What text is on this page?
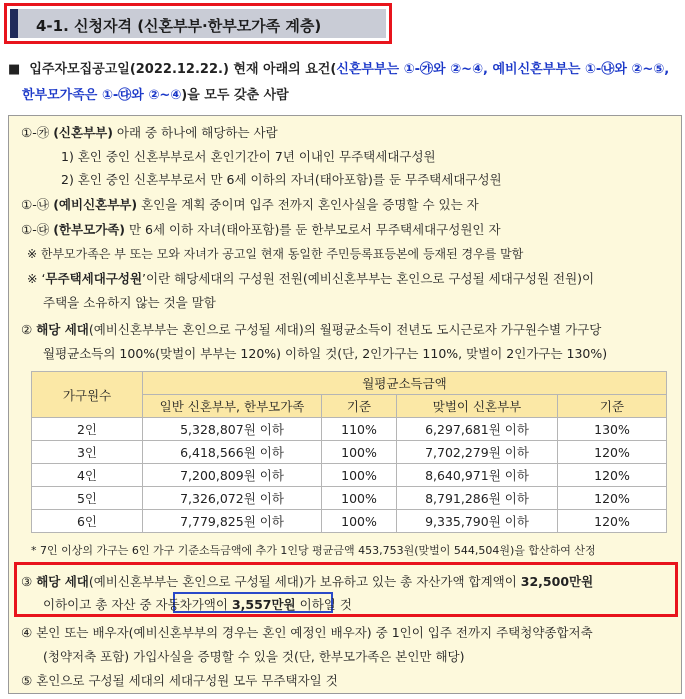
4-1. 신청자격 (신혼부부·한부모가족 계층)
■ 입주자모집공고일(2022.12.22.) 현재 아래의 요건(신혼부부는 ①-㉮와 ②~④, 예비신혼부부는 ①-㉯와 ②~⑤,
한부모가족은 ①-㉰와 ②~④)을 모두 갖춘 사람
①-㉮ (신혼부부) 아래 중 하나에 해당하는 사람
1) 혼인 중인 신혼부부로서 혼인기간이 7년 이내인 무주택세대구성원
2) 혼인 중인 신혼부부로서 만 6세 이하의 자녀(태아포함)를 둔 무주택세대구성원
①-㉯ (예비신혼부부) 혼인을 계획 중이며 입주 전까지 혼인사실을 증명할 수 있는 자
①-㉰ (한부모가족) 만 6세 이하 자녀(태아포함)를 둔 한부모로서 무주택세대구성원인 자
※ 한부모가족은 부 또는 모와 자녀가 공고일 현재 동일한 주민등록표등본에 등재된 경우를 말함
※ ‘무주택세대구성원’이란 해당세대의 구성원 전원(예비신혼부부는 혼인으로 구성될 세대구성원 전원)이
주택을 소유하지 않는 것을 말함
② 해당 세대(예비신혼부부는 혼인으로 구성될 세대)의 월평균소득이 전년도 도시근로자 가구원수별 가구당
월평균소득의 100%(맞벌이 부부는 120%) 이하일 것(단, 2인가구는 110%, 맞벌이 2인가구는 130%)
가구원수	월평균소득금액			
	일반 신혼부부, 한부모가족	기준	맞벌이 신혼부부	기준
2인	5,328,807원 이하	110%	6,297,681원 이하	130%
3인	6,418,566원 이하	100%	7,702,279원 이하	120%
4인	7,200,809원 이하	100%	8,640,971원 이하	120%
5인	7,326,072원 이하	100%	8,791,286원 이하	120%
6인	7,779,825원 이하	100%	9,335,790원 이하	120%
* 7인 이상의 가구는 6인 가구 기준소득금액에 추가 1인당 평균금액 453,753원(맞벌이 544,504원)을 합산하여 산정
③ 해당 세대(예비신혼부부는 혼인으로 구성될 세대)가 보유하고 있는 총 자산가액 합계액이 32,500만원
이하이고 총 자산 중 자동차가액이 3,557만원 이하일 것
④ 본인 또는 배우자(예비신혼부부의 경우는 혼인 예정인 배우자) 중 1인이 입주 전까지 주택청약종합저축
(청약저축 포함) 가입사실을 증명할 수 있을 것(단, 한부모가족은 본인만 해당)
⑤ 혼인으로 구성될 세대의 세대구성원 모두 무주택자일 것
